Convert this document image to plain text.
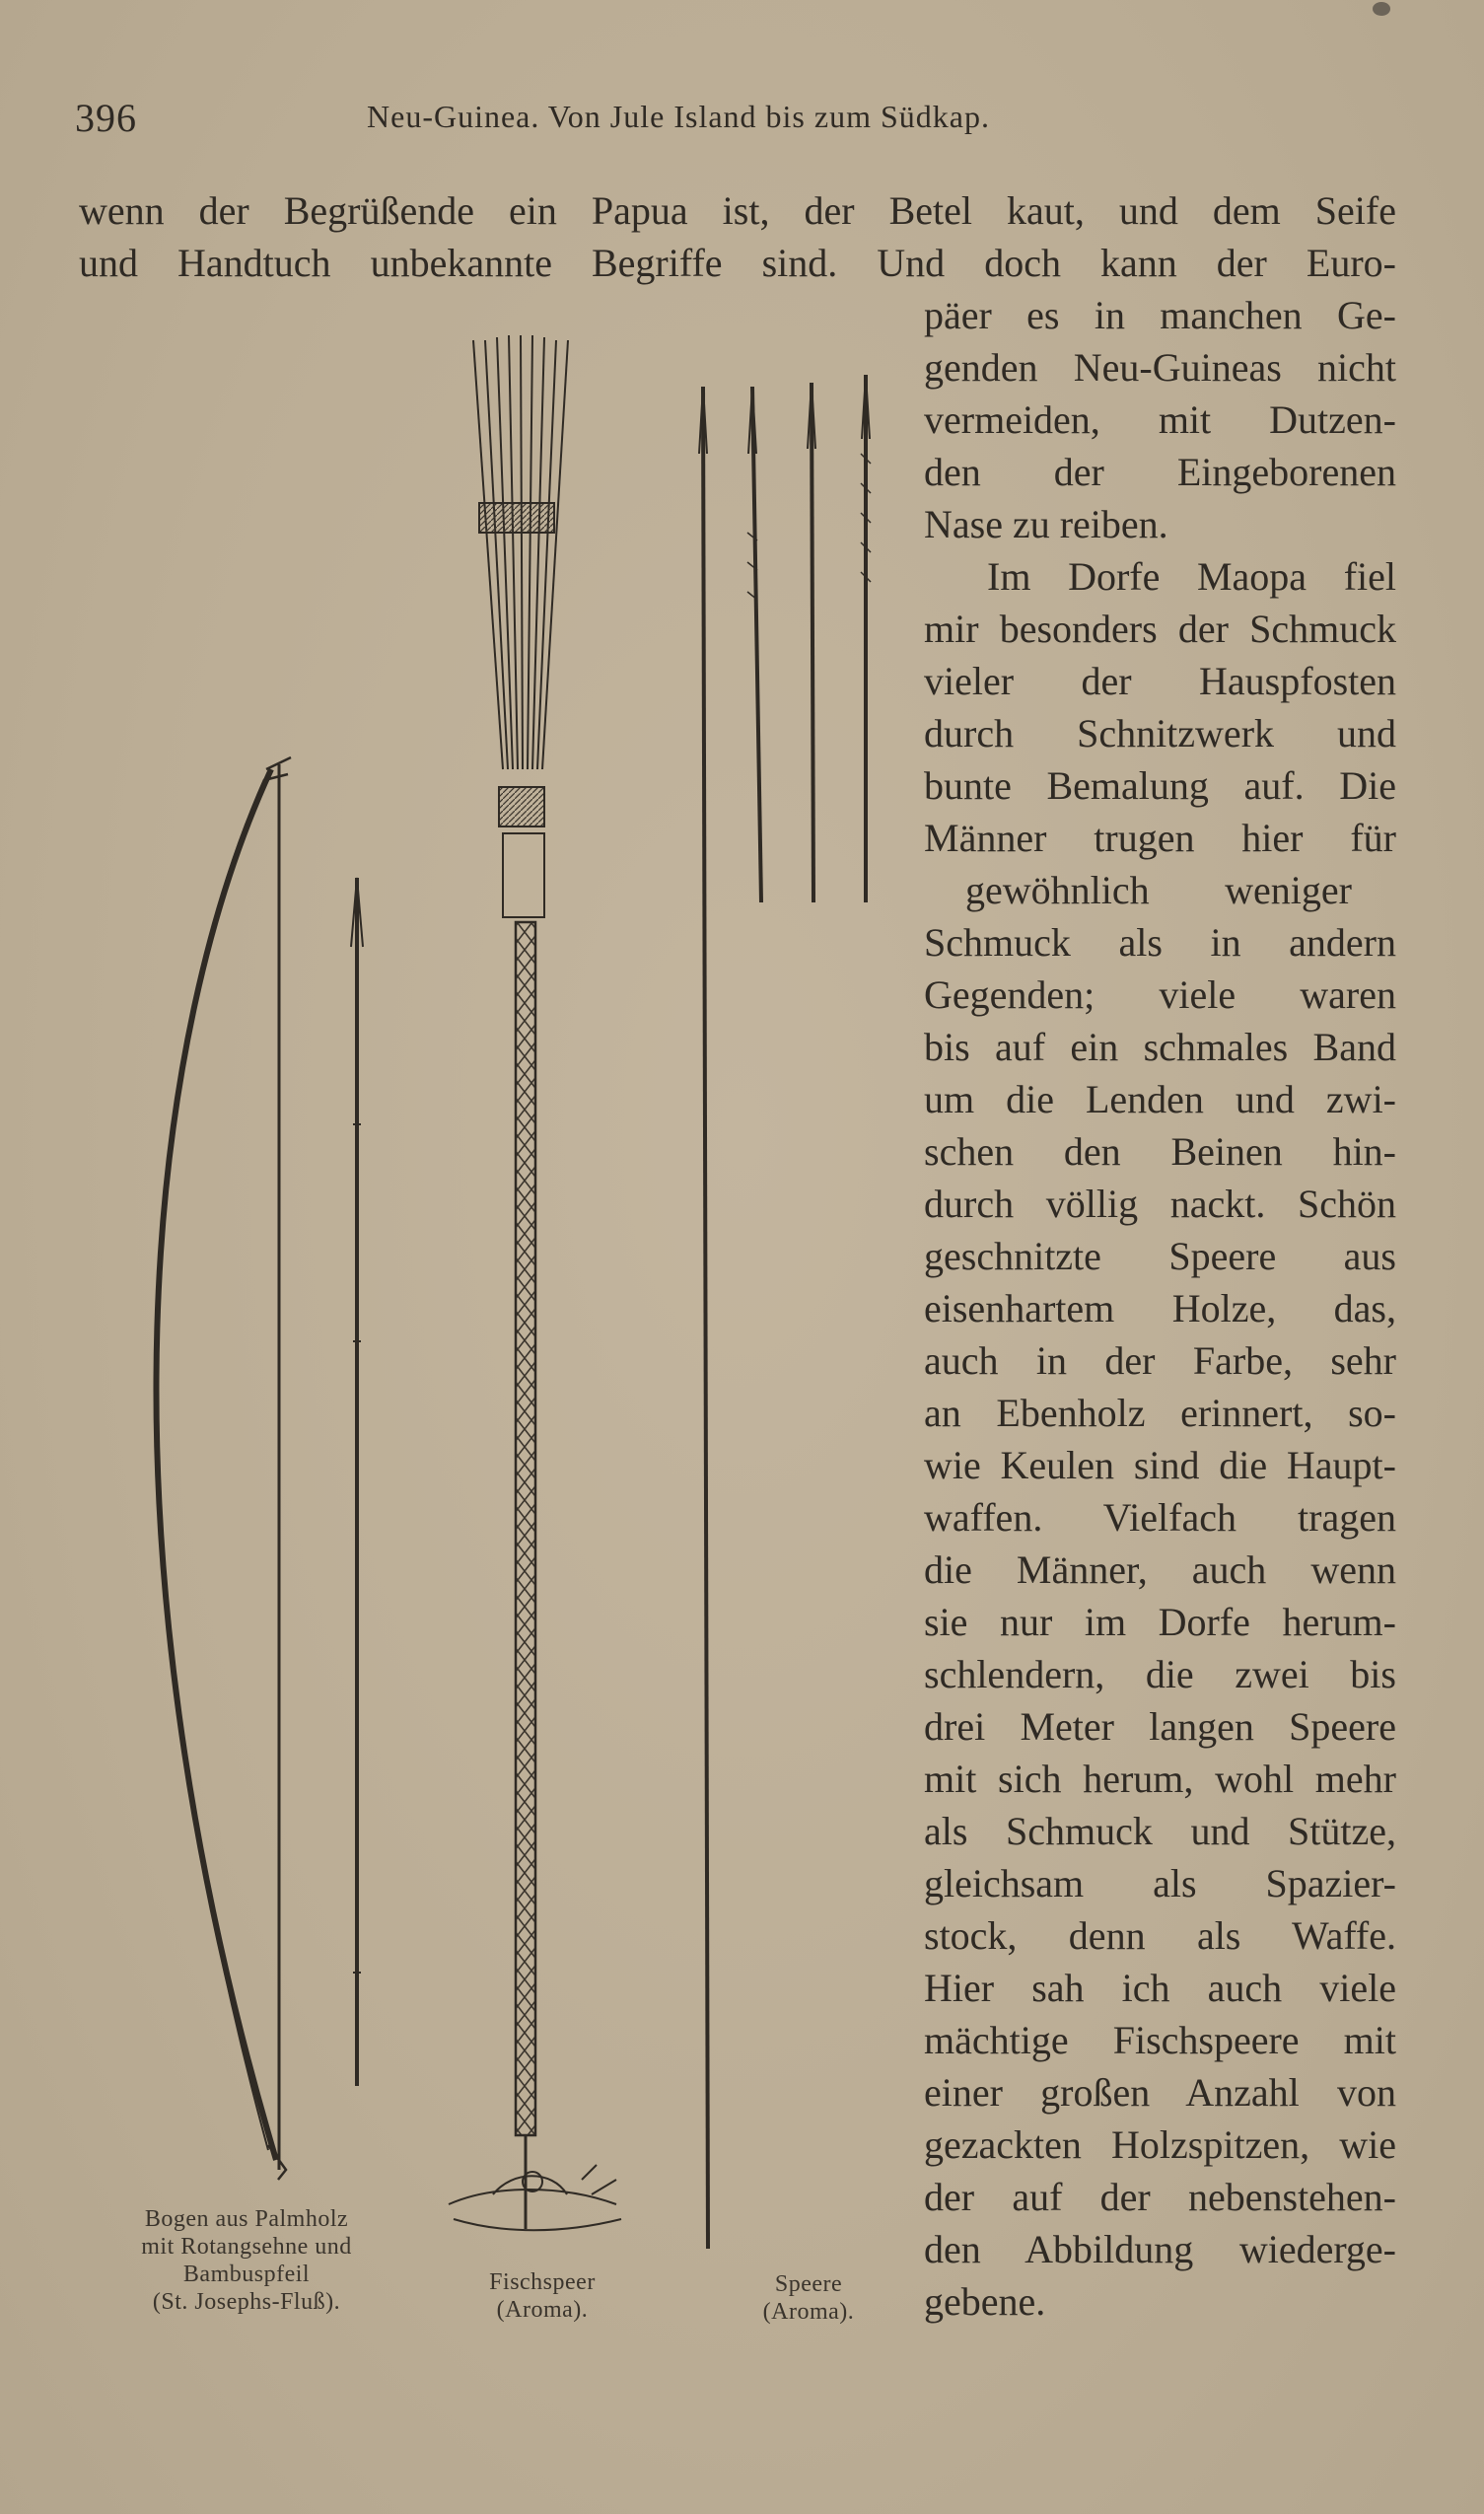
396	Neu-Guinea. Von Jule Island bis zum Südkap.
wenn der Begrüßende ein Papua ist, der Betel kaut, und dem Seife
und Handtuch unbekannte Begriffe sind. Und doch kann der Euro-
päer es in manchen Ge-
genden Neu-Guineas nicht
vermeiden, mit Dutzen-
den der Eingeborenen
Nase zu reiben.
Im Dorfe Maopa fiel
mir besonders der Schmuck
vieler der Hauspfosten
durch Schnitzwerk und
bunte Bemalung auf. Die
Männer trugen hier für
gewöhnlich weniger
Schmuck als in andern
Gegenden; viele waren
bis auf ein schmales Band
um die Lenden und zwi-
schen den Beinen hin-
durch völlig nackt. Schön
geschnitzte Speere aus
eisenhartem Holze, das,
auch in der Farbe, sehr
an Ebenholz erinnert, so-
wie Keulen sind die Haupt-
waffen. Vielfach tragen
die Männer, auch wenn
sie nur im Dorfe herum-
schlendern, die zwei bis
drei Meter langen Speere
mit sich herum, wohl mehr
als Schmuck und Stütze,
gleichsam als Spazier-
stock, denn als Waffe.
Hier sah ich auch viele
mächtige Fischspeere mit
einer großen Anzahl von
gezackten Holzspitzen, wie
der auf der nebenstehen-
den Abbildung wiederge-
gebene.
Bogen aus Palmholz
mit Rotangsehne und
Bambuspfeil
(St. Josephs-Fluß).
Fischspeer
(Aroma).
Speere
(Aroma).
